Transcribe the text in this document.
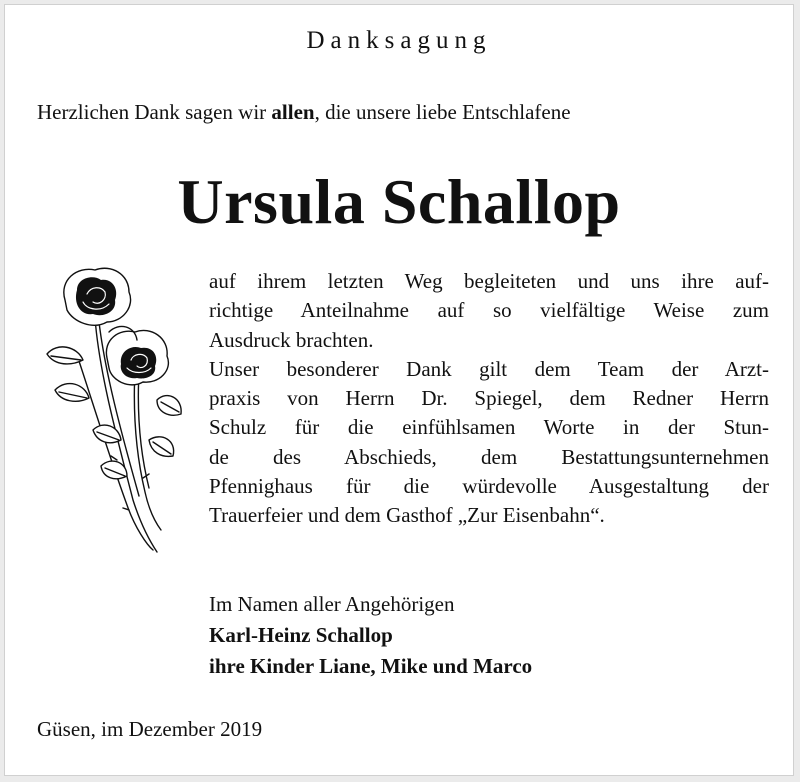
Danksagung
Herzlichen Dank sagen wir allen, die unsere liebe Entschlafene
Ursula Schallop
auf ihrem letzten Weg begleiteten und uns ihre auf-
richtige Anteilnahme auf so vielfältige Weise zum
Ausdruck brachten.
Unser besonderer Dank gilt dem Team der Arzt-
praxis von Herrn Dr. Spiegel, dem Redner Herrn
Schulz für die einfühlsamen Worte in der Stun-
de des Abschieds, dem Bestattungsunternehmen
Pfennighaus für die würdevolle Ausgestaltung der
Trauerfeier und dem Gasthof „Zur Eisenbahn“.
Im Namen aller Angehörigen
Karl-Heinz Schallop
ihre Kinder Liane, Mike und Marco
Güsen, im Dezember 2019
